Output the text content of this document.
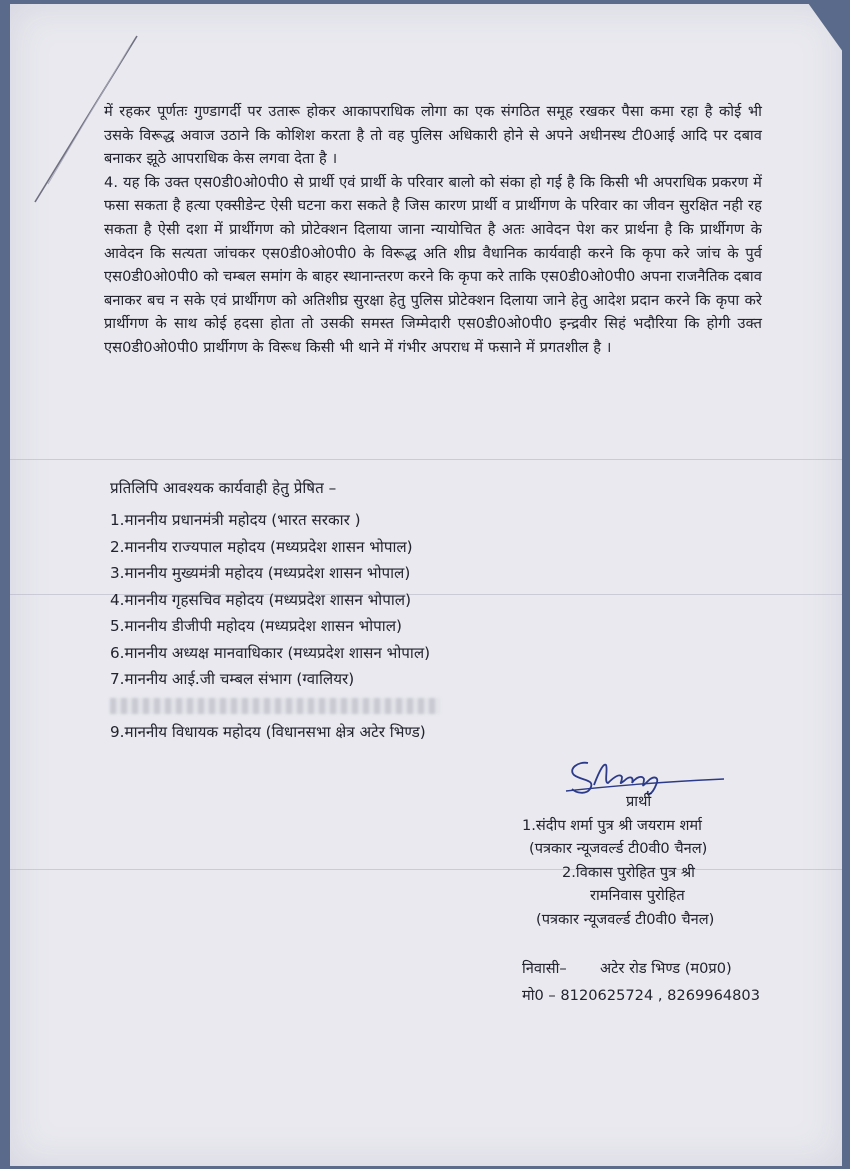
में रहकर पूर्णतः गुण्डागर्दी पर उतारू होकर आकापराधिक लोगा का एक संगठित समूह रखकर पैसा कमा रहा है कोई भी उसके विरूद्ध अवाज उठाने कि कोशिश करता है तो वह पुलिस अधिकारी होने से अपने अधीनस्थ टी0आई आदि पर दबाव बनाकर झूठे आपराधिक केस लगवा देता है ।

4. यह कि उक्त एस0डी0ओ0पी0 से प्रार्थी एवं प्रार्थी के परिवार बालो को संका हो गई है कि किसी भी अपराधिक प्रकरण में फसा सकता है हत्या एक्सीडेन्ट ऐसी घटना करा सकते है जिस कारण प्रार्थी व प्रार्थीगण के परिवार का जीवन सुरक्षित नही रह सकता है ऐसी दशा में प्रार्थीगण को प्रोटेक्शन दिलाया जाना न्यायोचित है अतः आवेदन पेश कर प्रार्थना है कि प्रार्थीगण के आवेदन कि सत्यता जांचकर एस0डी0ओ0पी0 के विरूद्ध अति शीघ्र वैधानिक कार्यवाही करने कि कृपा करे जांच के पुर्व एस0डी0ओ0पी0 को चम्बल समांग के बाहर स्थानान्तरण करने कि कृपा करे ताकि एस0डी0ओ0पी0 अपना राजनैतिक दबाव बनाकर बच न सके एवं प्रार्थीगण को अतिशीघ्र सुरक्षा हेतु पुलिस प्रोटेक्शन दिलाया जाने हेतु आदेश प्रदान करने कि कृपा करे प्रार्थीगण के साथ कोई हदसा होता तो उसकी समस्त जिम्मेदारी एस0डी0ओ0पी0 इन्द्रवीर सिहं भदौरिया कि होगी उक्त एस0डी0ओ0पी0 प्रार्थीगण के विरूध किसी भी थाने में गंभीर अपराध में फसाने में प्रगतशील है ।

प्रतिलिपि आवश्यक कार्यवाही हेतु प्रेषित –

1.माननीय प्रधानमंत्री महोदय (भारत सरकार )
2.माननीय राज्यपाल महोदय (मध्यप्रदेश शासन भोपाल)
3.माननीय मुख्यमंत्री महोदय (मध्यप्रदेश शासन भोपाल)
4.माननीय गृहसचिव महोदय (मध्यप्रदेश शासन भोपाल)
5.माननीय डीजीपी महोदय (मध्यप्रदेश शासन भोपाल)
6.माननीय अध्यक्ष मानवाधिकार (मध्यप्रदेश शासन भोपाल)
7.माननीय आई.जी चम्बल संभाग (ग्वालियर)
9.माननीय विधायक महोदय (विधानसभा क्षेत्र अटेर भिण्ड)
प्रार्थी
1.संदीप शर्मा पुत्र श्री जयराम शर्मा
(पत्रकार न्यूजवर्ल्ड टी0वी0 चैनल)
2.विकास पुरोहित पुत्र श्री
रामनिवास पुरोहित
(पत्रकार न्यूजवर्ल्ड टी0वी0 चैनल)
निवासी– अटेर रोड भिण्ड (म0प्र0)
मो0 – 8120625724 , 8269964803
